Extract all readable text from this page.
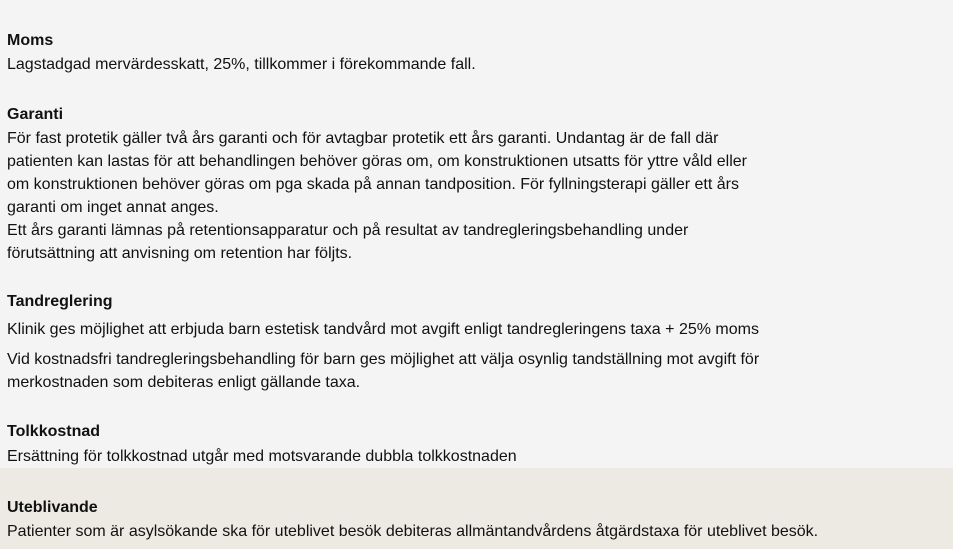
Moms
Lagstadgad mervärdesskatt, 25%, tillkommer i förekommande fall.
Garanti
För fast protetik gäller två års garanti och för avtagbar protetik ett års garanti. Undantag är de fall där
patienten kan lastas för att behandlingen behöver göras om, om konstruktionen utsatts för yttre våld eller
om konstruktionen behöver göras om pga skada på annan tandposition. För fyllningsterapi gäller ett års
garanti om inget annat anges.
Ett års garanti lämnas på retentionsapparatur och på resultat av tandregleringsbehandling under
förutsättning att anvisning om retention har följts.
Tandreglering
Klinik ges möjlighet att erbjuda barn estetisk tandvård mot avgift enligt tandregleringens taxa + 25% moms
Vid kostnadsfri tandregleringsbehandling för barn ges möjlighet att välja osynlig tandställning mot avgift för
merkostnaden som debiteras enligt gällande taxa.
Tolkkostnad
Ersättning för tolkkostnad utgår med motsvarande dubbla tolkkostnaden
Uteblivande
Patienter som är asylsökande ska för uteblivet besök debiteras allmäntandvårdens åtgärdstaxa för uteblivet besök.
